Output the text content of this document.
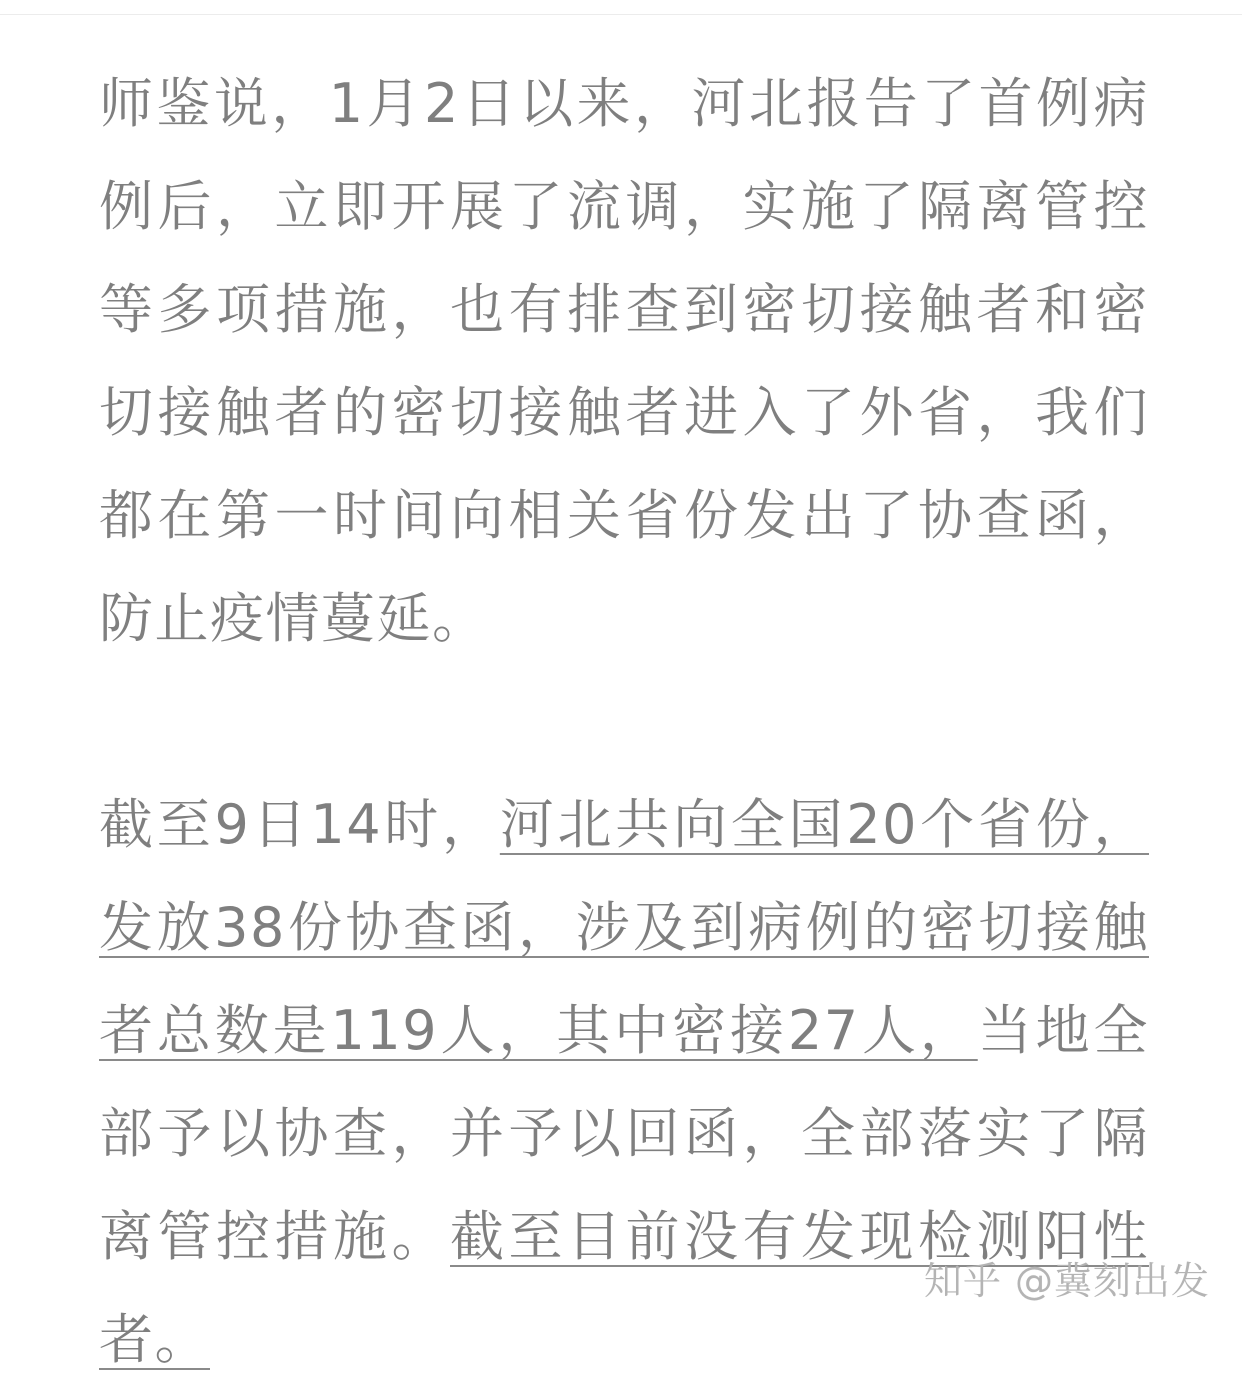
师鉴说，1月2日以来，河北报告了首例病例后，立即开展了流调，实施了隔离管控等多项措施，也有排查到密切接触者和密切接触者的密切接触者进入了外省，我们都在第一时间向相关省份发出了协查函，防止疫情蔓延。

截至9日14时，河北共向全国20个省份，发放38份协查函，涉及到病例的密切接触者总数是119人，其中密接27人，当地全部予以协查，并予以回函，全部落实了隔离管控措施。截至目前没有发现检测阳性者。

知乎 @冀刻出发
